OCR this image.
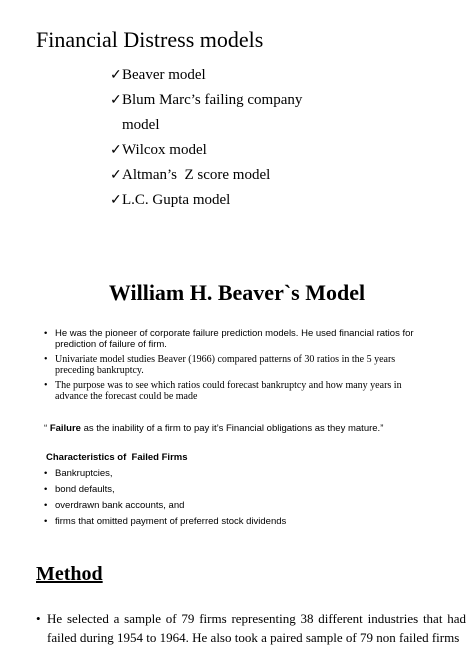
Financial Distress models
✓Beaver model
✓Blum Marc’s failing company
model
✓Wilcox model
✓Altman’s  Z score model
✓L.C. Gupta model
William H. Beaver`s Model
• He was the pioneer of corporate failure prediction models. He used financial ratios for prediction of failure of firm.
• Univariate model studies Beaver (1966) compared patterns of 30 ratios in the 5 years preceding bankruptcy.
• The purpose was to see which ratios could forecast bankruptcy and how many years in advance the forecast could be made
“ Failure as the inability of a firm to pay it’s Financial obligations as they mature.”
Characteristics of  Failed Firms
• Bankruptcies,
• bond defaults,
• overdrawn bank accounts, and
• firms that omitted payment of preferred stock dividends
Method
• He selected a sample of 79 firms representing 38 different industries that had failed during 1954 to 1964. He also took a paired sample of 79 non failed firms
